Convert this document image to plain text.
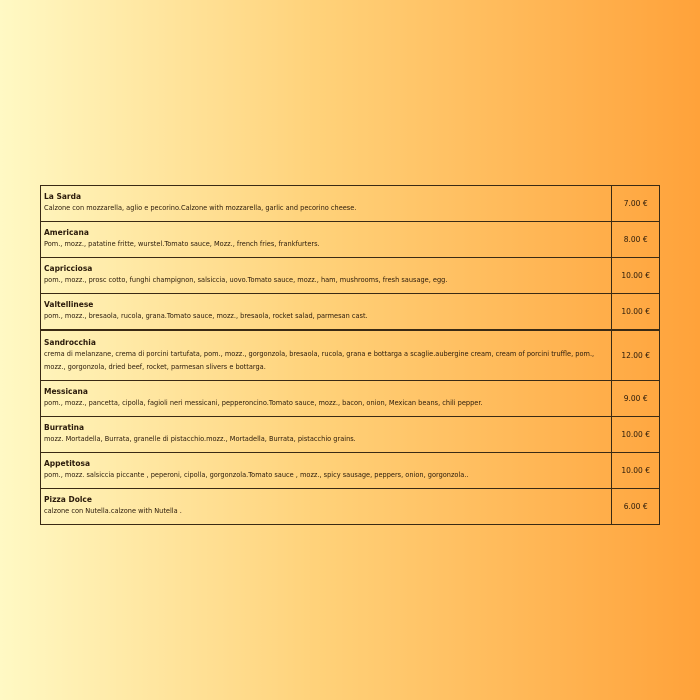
La Sarda
Calzone con mozzarella, aglio e pecorino.Calzone with mozzarella, garlic and pecorino cheese.	7.00 €

Americana
Pom., mozz., patatine fritte, wurstel.Tomato sauce, Mozz., french fries, frankfurters.	8.00 €

Capricciosa
pom., mozz., prosc cotto, funghi champignon, salsiccia, uovo.Tomato sauce, mozz., ham, mushrooms, fresh sausage, egg.	10.00 €

Valtellinese
pom., mozz., bresaola, rucola, grana.Tomato sauce, mozz., bresaola, rocket salad, parmesan cast.	10.00 €

Sandrocchia
crema di melanzane, crema di porcini tartufata, pom., mozz., gorgonzola, bresaola, rucola, grana e bottarga a scaglie.aubergine cream, cream of porcini truffle, pom., mozz., gorgonzola, dried beef, rocket, parmesan slivers e bottarga.	12.00 €

Messicana
pom., mozz., pancetta, cipolla, fagioli neri messicani, pepperoncino.Tomato sauce, mozz., bacon, onion, Mexican beans, chili pepper.	9.00 €

Burratina
mozz. Mortadella, Burrata, granelle di pistacchio.mozz., Mortadella, Burrata, pistacchio grains.	10.00 €

Appetitosa
pom., mozz. salsiccia piccante , peperoni, cipolla, gorgonzola.Tomato sauce , mozz., spicy sausage, peppers, onion, gorgonzola..	10.00 €

Pizza Dolce
calzone con Nutella.calzone with Nutella .	6.00 €
